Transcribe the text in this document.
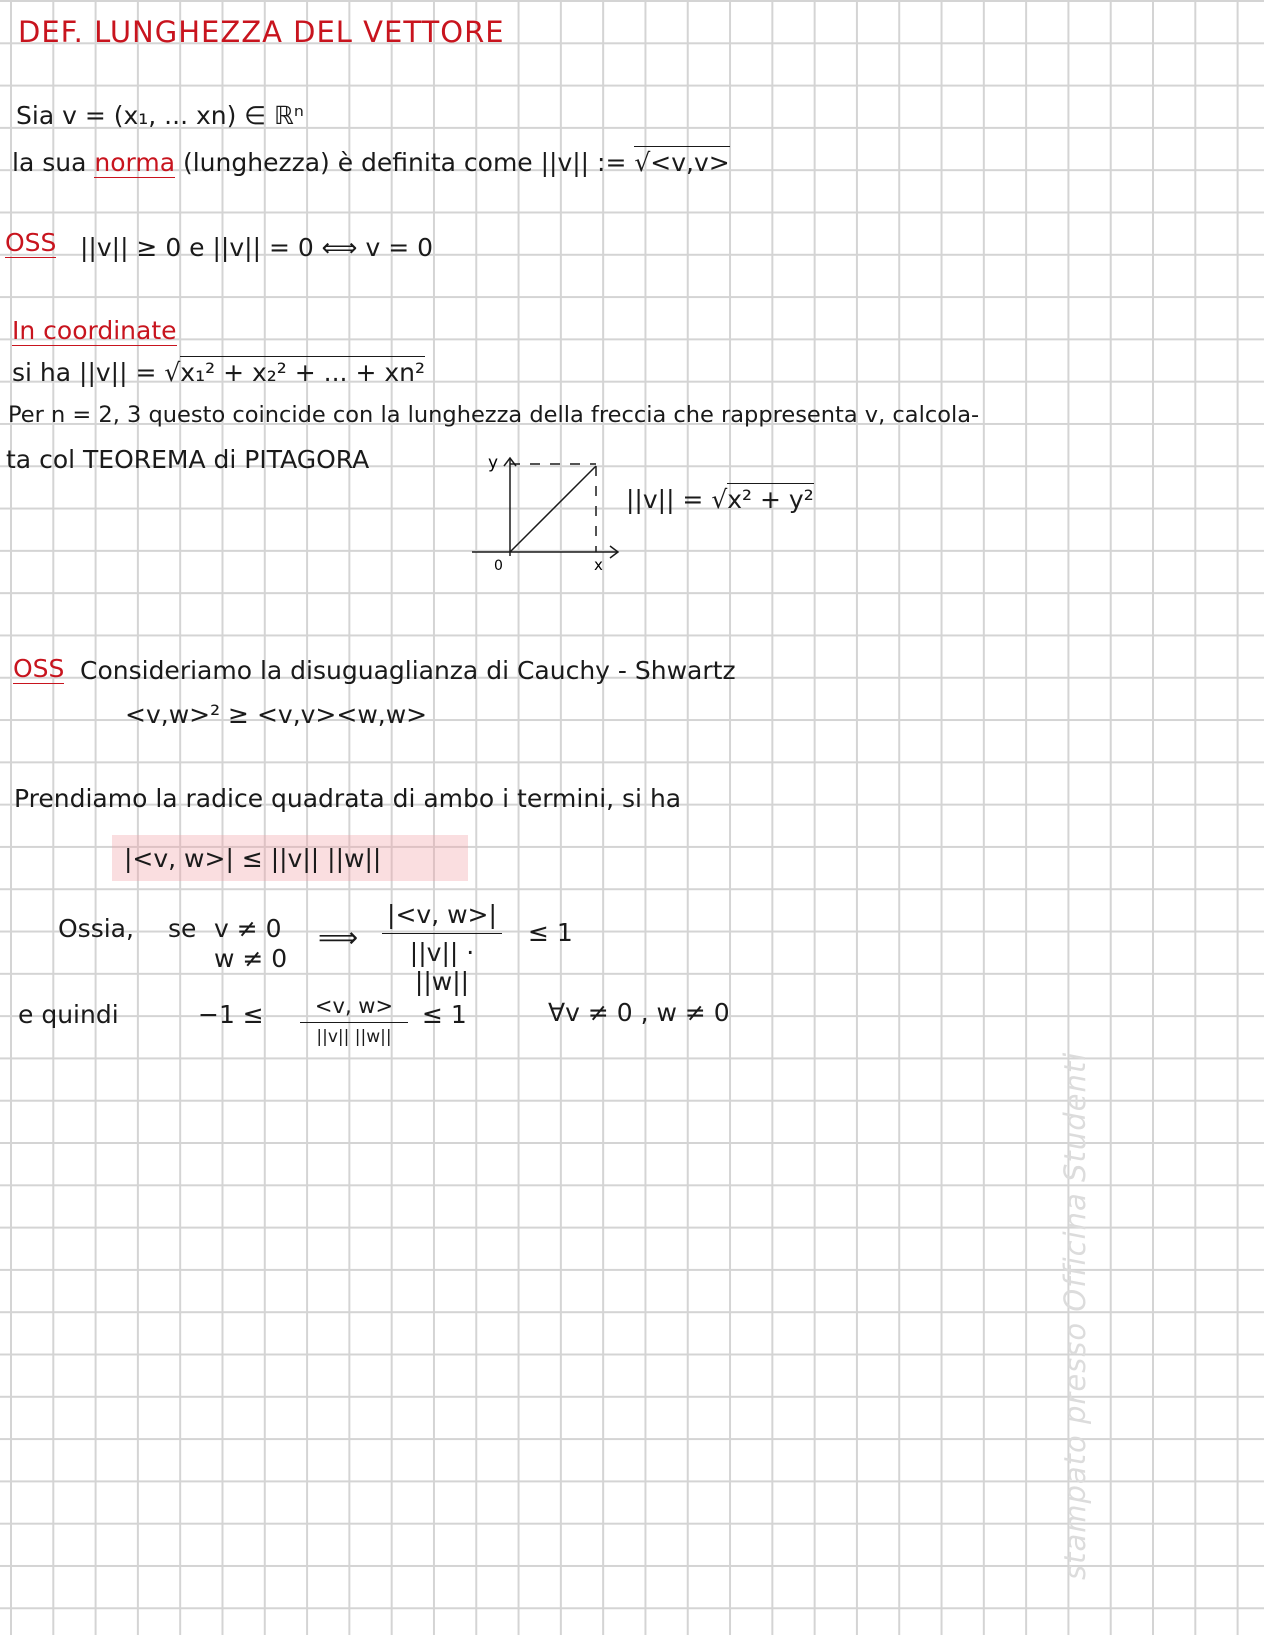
DEF. LUNGHEZZA DEL VETTORE
Sia v = (x₁, ... xn) ∈ ℝⁿ
la sua norma (lunghezza) è definita come ||v|| := √<v,v>
OSS ||v|| ≥ 0 e ||v|| = 0 ⟺ v = 0
In coordinate
si ha ||v|| = √x₁² + x₂² + ... + xn²
Per n = 2, 3 questo coincide con la lunghezza della freccia che rappresenta v, calcola-
ta col TEOREMA di PITAGORA	y
x
0
||v|| = √x² + y²
OSS Consideriamo la disuguaglianza di Cauchy - Shwartz
<v,w>² ≥ <v,v><w,w>
Prendiamo la radice quadrata di ambo i termini, si ha
|<v, w>| ≤ ||v|| ||w||
Ossia, se v ≠ 0
w ≠ 0
⟹ $\frac{|<v, w>|}{||v|| \cdot ||w||} \le 1$
e quindi	−1 ≤	<v, w>
||v|| ||w||
≤ 1	∀v ≠ 0 , w ≠ 0
stampato presso Officina Studenti
